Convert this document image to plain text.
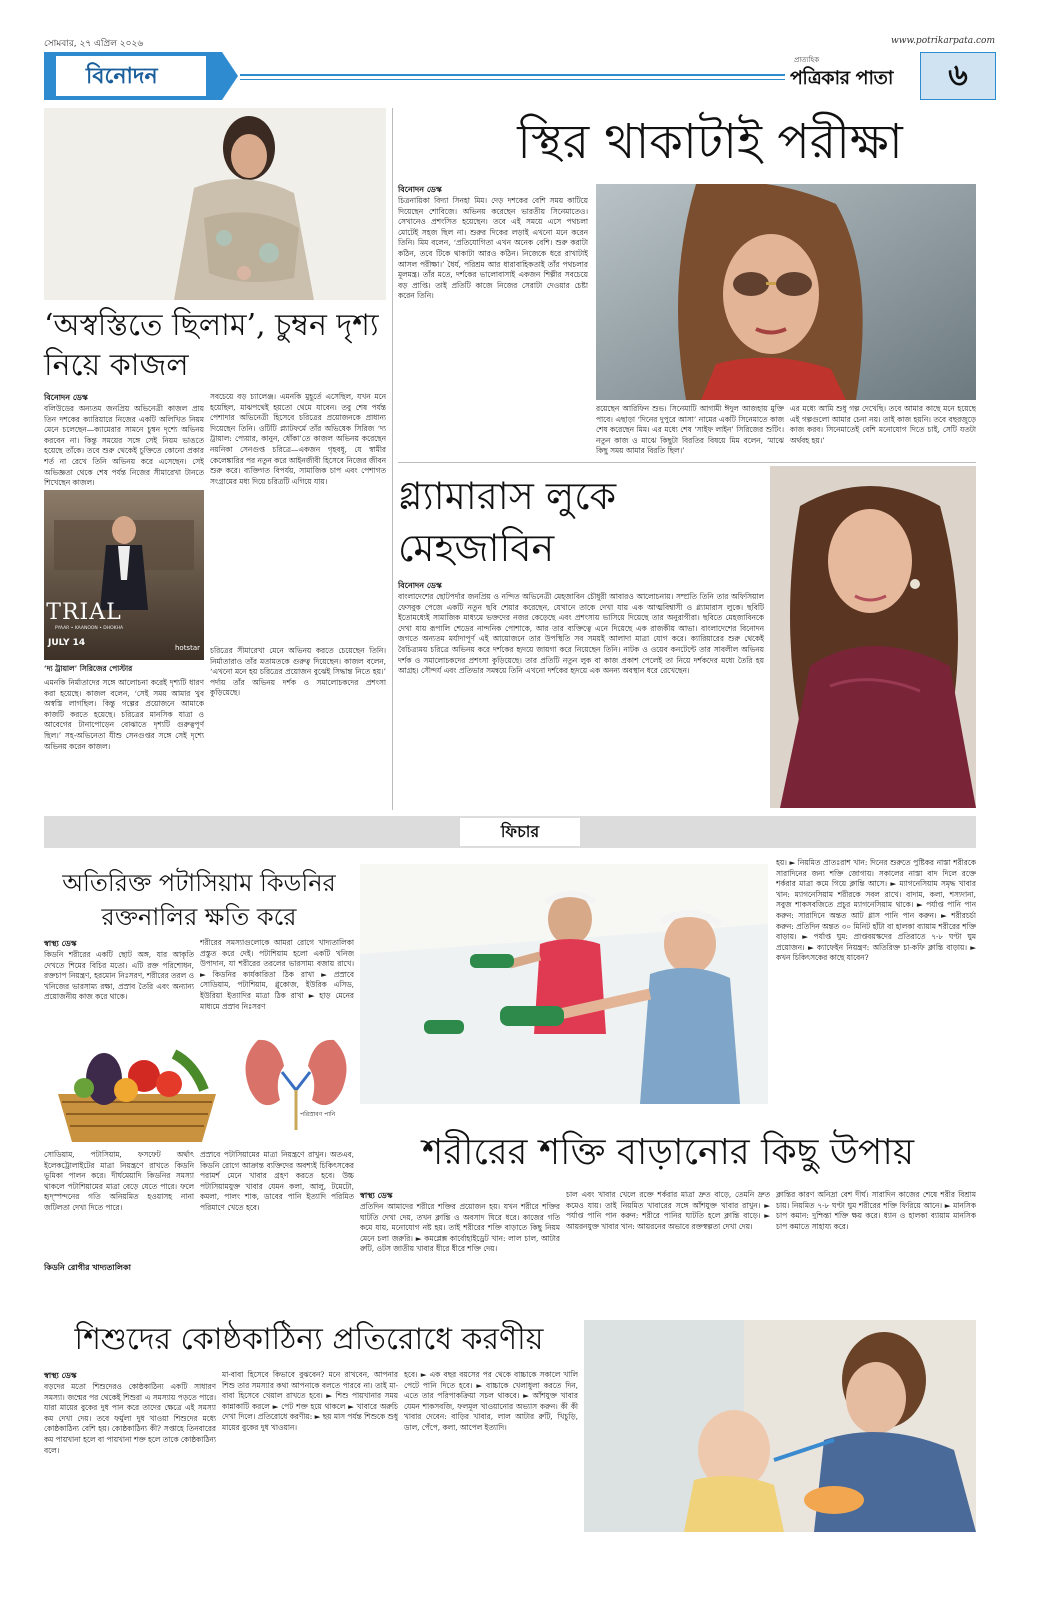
সোমবার, ২৭ এপ্রিল ২০২৬	www.potrikarpata.com
বিনোদন
প্রাত্যহিক
পত্রিকার পাতা	৬
‘অস্বস্তিতে ছিলাম’, চুম্বন দৃশ্য নিয়ে কাজল
বিনোদন ডেস্ক
বলিউডের অন্যতম জনপ্রিয় অভিনেত্রী কাজল প্রায় তিন দশকের ক্যারিয়ারে নিজের একটি অলিখিত নিয়ম মেনে চলেছেন—ক্যামেরার সামনে চুম্বন দৃশ্যে অভিনয় করবেন না। কিন্তু সময়ের সঙ্গে সেই নিয়ম ভাঙতে হয়েছে তাঁকে। তবে শুরু থেকেই চুক্তিতে কোনো প্রকার শর্ত না রেখে তিনি অভিনয় করে এসেছেন। সেই অভিজ্ঞতা থেকে শেষ পর্যন্ত নিজের সীমারেখা টানতে শিখেছেন কাজল।
TRIAL
PYAAR • KAANOON • DHOKHA
JULY 14	hotstar
‘দ্য ট্রায়াল’ সিরিজের পোস্টার
এমনকি নির্মাতাদের সঙ্গে আলোচনা করেই দৃশ্যটি ধারণ করা হয়েছে। কাজল বলেন, ‘সেই সময় আমার খুব অস্বস্তি লাগছিল। কিন্তু গল্পের প্রয়োজনে আমাকে কাজটি করতে হয়েছে। চরিত্রের মানসিক যাত্রা ও আবেগের টানাপোড়েন বোঝাতে দৃশ্যটি গুরুত্বপূর্ণ ছিল।’ সহ-অভিনেতা যীশু সেনগুপ্তর সঙ্গে সেই দৃশ্যে অভিনয় করেন কাজল।
সবচেয়ে বড় চ্যালেঞ্জ। এমনকি মুহূর্তে এসেছিল, যখন মনে হয়েছিল, মাঝপথেই হয়তো থেমে যাবেন। তবু শেষ পর্যন্ত পেশাদার অভিনেত্রী হিসেবে চরিত্রের প্রয়োজনকে প্রাধান্য দিয়েছেন তিনি। ওটিটি প্ল্যাটফর্মে তাঁর অভিষেক সিরিজ ‘দ্য ট্রায়াল: প্যেয়ার, কানুন, ধোঁকা’তে কাজল অভিনয় করেছেন নয়নিকা সেনগুপ্ত চরিত্রে—একজন গৃহবধূ, যে স্বামীর কেলেঙ্কারির পর নতুন করে আইনজীবী হিসেবে নিজের জীবন শুরু করে। ব্যক্তিগত বিপর্যয়, সামাজিক চাপ এবং পেশাগত সংগ্রামের মধ্য দিয়ে চরিত্রটি এগিয়ে যায়।
চরিত্রের সীমারেখা মেনে অভিনয় করতে চেয়েছেন তিনি। নির্মাতারাও তাঁর মতামতকে গুরুত্ব দিয়েছেন। কাজল বলেন, ‘এখনো মনে হয় চরিত্রের প্রয়োজন বুঝেই সিদ্ধান্ত নিতে হয়।’ পর্দায় তাঁর অভিনয় দর্শক ও সমালোচকদের প্রশংসা কুড়িয়েছে।
স্থির থাকাটাই পরীক্ষা
বিনোদন ডেস্ক
চিত্রনায়িকা বিদ্যা সিনহা মিম। দেড় দশকের বেশি সময় কাটিয়ে দিয়েছেন শোবিজে। অভিনয় করেছেন ভারতীয় সিনেমাতেও। সেখানেও প্রশংসিত হয়েছেন। তবে এই সময়ে এসে পথচলা মোটেই সহজ ছিল না। শুরুর দিকের লড়াই এখনো মনে করেন তিনি। মিম বলেন, ‘প্রতিযোগিতা এখন অনেক বেশি। শুরু করাটা কঠিন, তবে টিকে থাকাটা আরও কঠিন। নিজেকে ধরে রাখাটাই আসল পরীক্ষা।’ ধৈর্য, পরিশ্রম আর ধারাবাহিকতাই তাঁর পথচলার মূলমন্ত্র। তাঁর মতে, দর্শকের ভালোবাসাই একজন শিল্পীর সবচেয়ে বড় প্রাপ্তি। তাই প্রতিটি কাজে নিজের সেরাটা দেওয়ার চেষ্টা করেন তিনি।
রয়েছেন আরিফিন শুভ। সিনেমাটি আগামী ঈদুল আজহায় মুক্তি পাবে। এছাড়া ‘দিনের দুপুরে আসা’ নামের একটি সিনেমাতে কাজ শেষ করেছেন মিম। এর মধ্যে শেষ ‘সাইফ লাইন’ সিরিজের শুটিং। নতুন কাজ ও মাঝে কিছুটা বিরতির বিষয়ে মিম বলেন, ‘মাঝে কিছু সময় আমার বিরতি ছিল।’
এর মধ্যে আমি শুধু গল্প দেখেছি। তবে আমার কাছে মনে হয়েছে এই গল্পগুলো আমার চেনা নয়। তাই কাজ হয়নি। তবে বছরজুড়ে কাজ করব। সিনেমাতেই বেশি মনোযোগ দিতে চাই, সেটি যতটা অর্থবহ হয়।’
গ্ল্যামারাস লুকে মেহজাবিন
বিনোদন ডেস্ক
বাংলাদেশের ছোটপর্দার জনপ্রিয় ও নন্দিত অভিনেত্রী মেহজাবিন চৌধুরী আবারও আলোচনায়। সম্প্রতি তিনি তার অফিসিয়াল ফেসবুক পেজে একটি নতুন ছবি শেয়ার করেছেন, যেখানে তাকে দেখা যায় এক আত্মবিশ্বাসী ও গ্ল্যামারাস লুকে। ছবিটি ইতোমধ্যেই সামাজিক মাধ্যমে ভক্তদের নজর কেড়েছে এবং প্রশংসায় ভাসিয়ে দিয়েছে তার অনুরাগীরা। ছবিতে মেহজাবিনকে দেখা যায় রূপালি শেডের নান্দনিক পোশাকে, আর তার ব্যক্তিত্বে এনে দিয়েছে এক রাজকীয় আভা। বাংলাদেশের বিনোদন জগতে অন্যতম মর্যাদাপূর্ণ এই আয়োজনে তার উপস্থিতি সব সময়ই আলাদা মাত্রা যোগ করে। ক্যারিয়ারের শুরু থেকেই বৈচিত্র্যময় চরিত্রে অভিনয় করে দর্শকের হৃদয়ে জায়গা করে নিয়েছেন তিনি। নাটক ও ওয়েব কনটেন্টে তার সাবলীল অভিনয় দর্শক ও সমালোচকদের প্রশংসা কুড়িয়েছে। তার প্রতিটি নতুন লুক বা কাজ প্রকাশ পেলেই তা নিয়ে দর্শকদের মধ্যে তৈরি হয় আগ্রহ। সৌন্দর্য এবং প্রতিভার সমন্বয়ে তিনি এখনো দর্শকের হৃদয়ে এক অনন্য অবস্থান ধরে রেখেছেন।
ফিচার
অতিরিক্ত পটাসিয়াম কিডনির রক্তনালির ক্ষতি করে
স্বাস্থ্য ডেস্ক
কিডনি শরীরের একটি ছোট অঙ্গ, যার আকৃতি দেখতে শিমের বিচির মতো। এটি রক্ত পরিশোধন, রক্তচাপ নিয়ন্ত্রণ, হরমোন নিঃসরণ, শরীরের তরল ও খনিজের ভারসাম্য রক্ষা, প্রস্রাব তৈরি এবং অন্যান্য প্রয়োজনীয় কাজ করে থাকে।
শরীরের সমস্যাগুলোকে আমরা রোগে খাদ্যতালিকা প্রস্তুত করে দেই। পটাশিয়াম হলো একটি খনিজ উপাদান, যা শরীরের তরলের ভারসাম্য বজায় রাখে। ► কিডনির কার্যকারিতা ঠিক রাখা ► প্রস্রাবে সোডিয়াম, পটাশিয়াম, গ্লুকোজ, ইউরিক এসিড, ইউরিয়া ইত্যাদির মাত্রা ঠিক রাখা ► হাড় মেনের মাধ্যমে প্রস্রাব নিঃসরণ
পরিস্রাবণ পানি
সোডিয়াম, পটাসিয়াম, ফসফেট অর্থাৎ ইলেকট্রোলাইটের মাত্রা নিয়ন্ত্রণে রাখতে কিডনি ভূমিকা পালন করে। দীর্ঘমেয়াদি কিডনির সমস্যা থাকলে পটাশিয়ামের মাত্রা বেড়ে যেতে পারে। ফলে হৃদ্‌স্পন্দনের গতি অনিয়মিত হওয়াসহ নানা জটিলতা দেখা দিতে পারে।
কিডনি রোগীর খাদ্যতালিকা
প্রস্রাবে পটাসিয়ামের মাত্রা নিয়ন্ত্রণে রাখুন। অতএব, কিডনি রোগে আক্রান্ত ব্যক্তিদের অবশ্যই চিকিৎসকের পরামর্শ মেনে খাবার গ্রহণ করতে হবে। উচ্চ পটাসিয়ামযুক্ত খাবার যেমন কলা, আলু, টমেটো, কমলা, পালং শাক, ডাবের পানি ইত্যাদি পরিমিত পরিমাণে খেতে হবে।
শরীরের শক্তি বাড়ানোর কিছু উপায়
স্বাস্থ্য ডেস্ক
প্রতিদিন আমাদের শরীরে শক্তির প্রয়োজন হয়। যখন শরীরে শক্তির ঘাটতি দেখা দেয়, তখন ক্লান্তি ও অবসাদ ঘিরে ধরে। কাজের গতি কমে যায়, মনোযোগ নষ্ট হয়। তাই শরীরের শক্তি বাড়াতে কিছু নিয়ম মেনে চলা জরুরি। ► কমপ্লেক্স কার্বোহাইড্রেট খান: লাল চাল, আটার রুটি, ওটস জাতীয় খাবার ধীরে ধীরে শক্তি দেয়।
চাল এবং খাবার খেলে রক্তে শর্করার মাত্রা দ্রুত বাড়ে, তেমনি দ্রুত কমেও যায়। তাই নিয়মিত খাবারের সঙ্গে আঁশযুক্ত খাবার রাখুন। ► পর্যাপ্ত পানি পান করুন: শরীরে পানির ঘাটতি হলে ক্লান্তি বাড়ে। ► আয়রনযুক্ত খাবার খান: আয়রনের অভাবে রক্তস্বল্পতা দেখা দেয়।
ক্লান্তির কারণ অনিদ্রা বেশ দীর্ঘ। সারাদিন কাজের শেষে শরীর বিশ্রাম চায়। নিয়মিত ৭-৮ ঘণ্টা ঘুম শরীরের শক্তি ফিরিয়ে আনে। ► মানসিক চাপ কমান: দুশ্চিন্তা শক্তি ক্ষয় করে। ধ্যান ও হালকা ব্যায়াম মানসিক চাপ কমাতে সাহায্য করে।
হয়। ► নিয়মিত প্রাতঃরাশ খান: দিনের শুরুতে পুষ্টিকর নাস্তা শরীরকে সারাদিনের জন্য শক্তি জোগায়। সকালের নাস্তা বাদ দিলে রক্তে শর্করার মাত্রা কমে গিয়ে ক্লান্তি আসে। ► ম্যাগনেসিয়াম সমৃদ্ধ খাবার খান: ম্যাগনেসিয়াম শরীরকে সবল রাখে। বাদাম, কলা, শস্যদানা, সবুজ শাকসবজিতে প্রচুর ম্যাগনেসিয়াম থাকে। ► পর্যাপ্ত পানি পান করুন: সারাদিনে অন্তত আট গ্লাস পানি পান করুন। ► শরীরচর্চা করুন: প্রতিদিন অন্তত ৩০ মিনিট হাঁটা বা হালকা ব্যায়াম শরীরের শক্তি বাড়ায়। ► পর্যাপ্ত ঘুম: প্রাপ্তবয়স্কদের প্রতিরাতে ৭-৮ ঘণ্টা ঘুম প্রয়োজন। ► ক্যাফেইন নিয়ন্ত্রণ: অতিরিক্ত চা-কফি ক্লান্তি বাড়ায়। ► কখন চিকিৎসকের কাছে যাবেন?
শিশুদের কোষ্ঠকাঠিন্য প্রতিরোধে করণীয়
স্বাস্থ্য ডেস্ক
বড়দের মতো শিশুদেরও কোষ্ঠকাঠিন্য একটি সাধারণ সমস্যা। জন্মের পর থেকেই শিশুরা এ সমস্যায় পড়তে পারে। যারা মায়ের বুকের দুধ পান করে তাদের ক্ষেত্রে এই সমস্যা কম দেখা দেয়। তবে ফর্মুলা দুধ খাওয়া শিশুদের মধ্যে কোষ্ঠকাঠিন্য বেশি হয়। কোষ্ঠকাঠিন্য কী? সপ্তাহে তিনবারের কম পায়খানা হলে বা পায়খানা শক্ত হলে তাকে কোষ্ঠকাঠিন্য বলে।
মা-বাবা হিসেবে কিভাবে বুঝবেন? মনে রাখবেন, আপনার শিশু তার সমস্যার কথা আপনাকে বলতে পারবে না। তাই মা-বাবা হিসেবে খেয়াল রাখতে হবে। ► শিশু পায়খানার সময় কান্নাকাটি করলে ► পেট শক্ত হয়ে থাকলে ► খাবারে অরুচি দেখা দিলে। প্রতিরোধে করণীয়: ► ছয় মাস পর্যন্ত শিশুকে শুধু মায়ের বুকের দুধ খাওয়ান।
হবে। ► এক বছর বয়সের পর থেকে বাচ্চাকে সকালে খালি পেটে পানি দিতে হবে। ► বাচ্চাকে খেলাধুলা করতে দিন, এতে তার পরিপাকক্রিয়া সচল থাকবে। ► আঁশযুক্ত খাবার যেমন শাকসবজি, ফলমূল খাওয়ানোর অভ্যাস করুন। কী কী খাবার দেবেন: বাড়ির খাবার, লাল আটার রুটি, খিচুড়ি, ডাল, পেঁপে, কলা, আপেল ইত্যাদি।
